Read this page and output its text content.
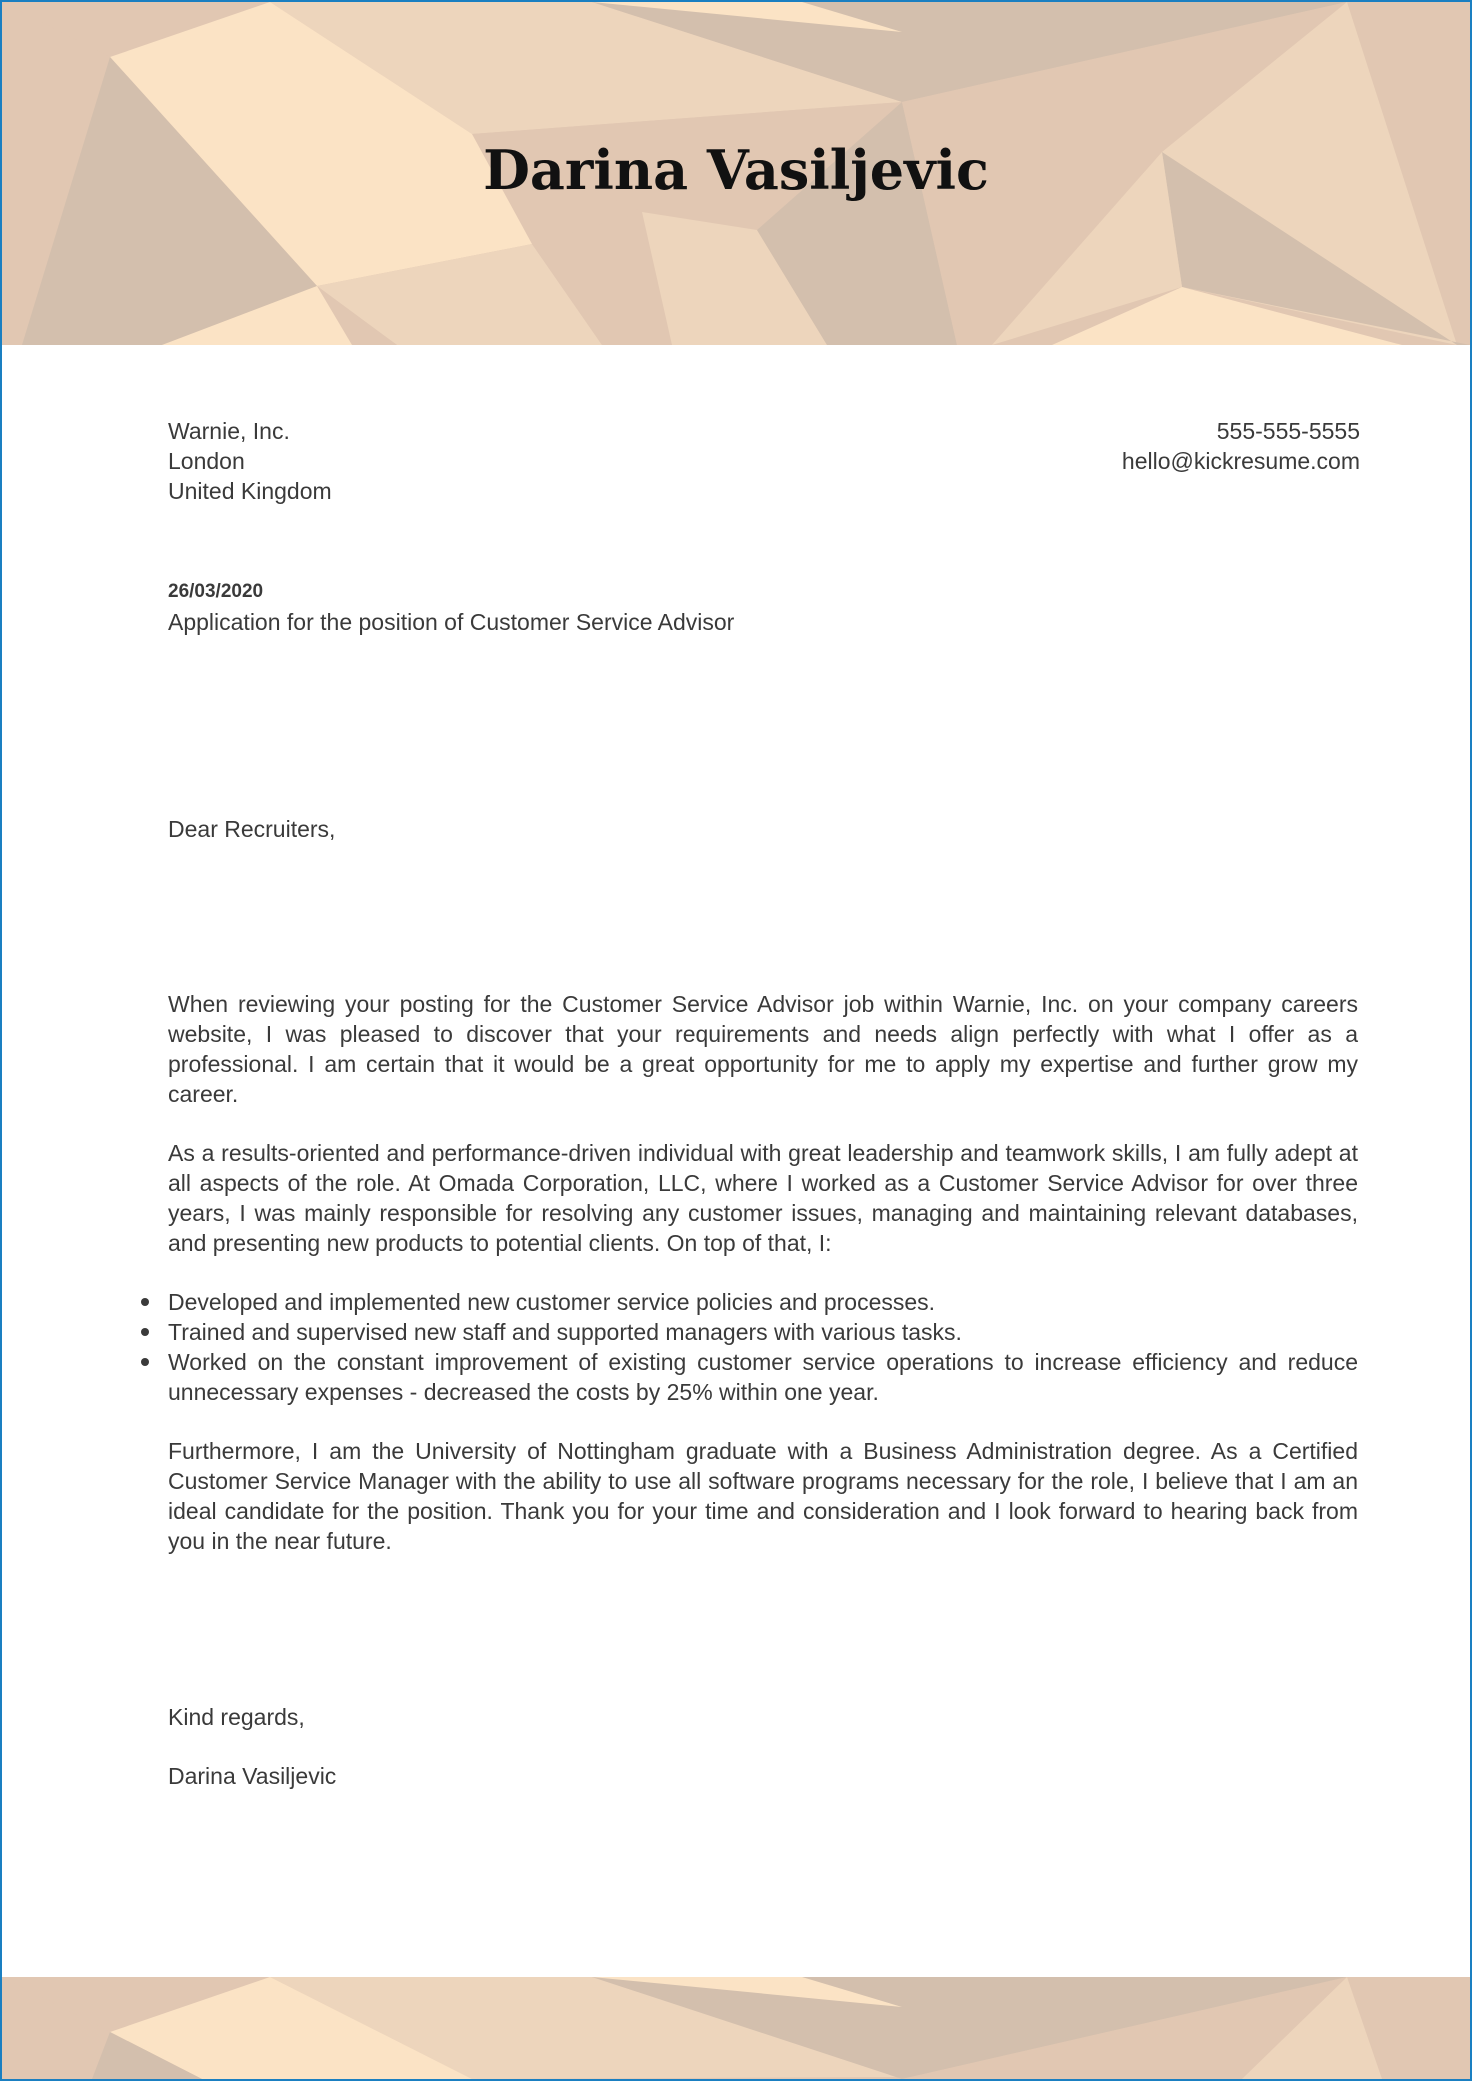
Darina Vasiljevic
Warnie, Inc.
London
United Kingdom
555-555-5555
hello@kickresume.com
26/03/2020
Application for the position of Customer Service Advisor
Dear Recruiters,

When reviewing your posting for the Customer Service Advisor job within Warnie, Inc. on your company careers website, I was pleased to discover that your requirements and needs align perfectly with what I offer as a professional. I am certain that it would be a great opportunity for me to apply my expertise and further grow my career.

As a results-oriented and performance-driven individual with great leadership and teamwork skills, I am fully adept at all aspects of the role. At Omada Corporation, LLC, where I worked as a Customer Service Advisor for over three years, I was mainly responsible for resolving any customer issues, managing and maintaining relevant databases, and presenting new products to potential clients. On top of that, I:

Developed and implemented new customer service policies and processes.
Trained and supervised new staff and supported managers with various tasks.
Worked on the constant improvement of existing customer service operations to increase efficiency and reduce unnecessary expenses - decreased the costs by 25% within one year.

Furthermore, I am the University of Nottingham graduate with a Business Administration degree. As a Certified Customer Service Manager with the ability to use all software programs necessary for the role, I believe that I am an ideal candidate for the position. Thank you for your time and consideration and I look forward to hearing back from you in the near future.

Kind regards,
Darina Vasiljevic
